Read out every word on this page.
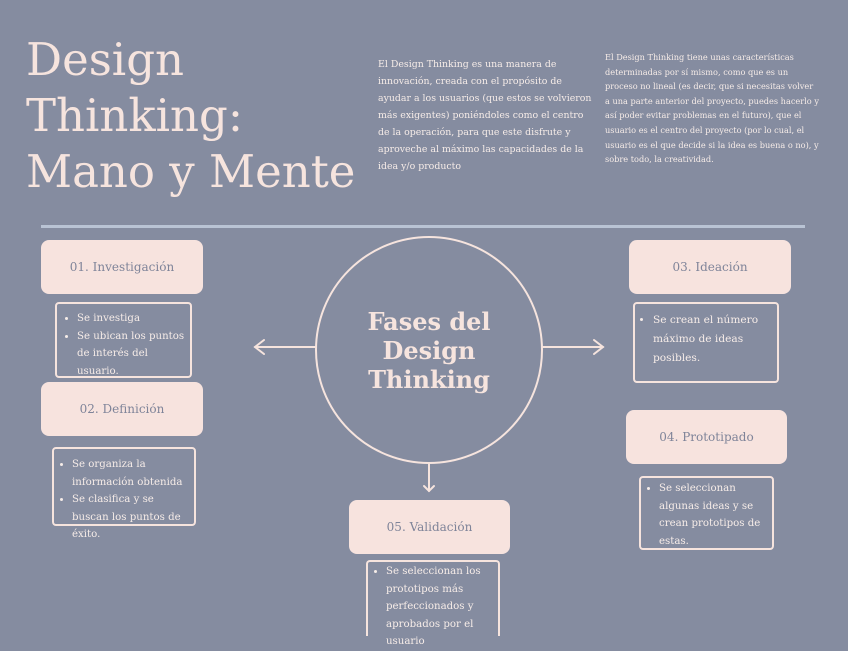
Design
Thinking:
Mano y Mente
El Design Thinking es una manera de innovación, creada con el propósito de ayudar a los usuarios (que estos se volvieron más exigentes) poniéndoles como el centro de la operación, para que este disfrute y aproveche al máximo las capacidades de la idea y/o producto
El Design Thinking tiene unas características determinadas por sí mismo, como que es un proceso no lineal (es decir, que si necesitas volver a una parte anterior del proyecto, puedes hacerlo y así poder evitar problemas en el futuro), que el usuario es el centro del proyecto (por lo cual, el usuario es el que decide si la idea es buena o no), y sobre todo, la creatividad.
Fases del Design Thinking
01. Investigación
• Se investiga
• Se ubican los puntos de interés del usuario.
02. Definición
• Se organiza la información obtenida
• Se clasifica y se buscan los puntos de éxito.
03. Ideación
• Se crean el número máximo de ideas posibles.
04. Prototipado
• Se seleccionan algunas ideas y se crean prototipos de estas.
05. Validación
• Se seleccionan los prototipos más perfeccionados y aprobados por el usuario
